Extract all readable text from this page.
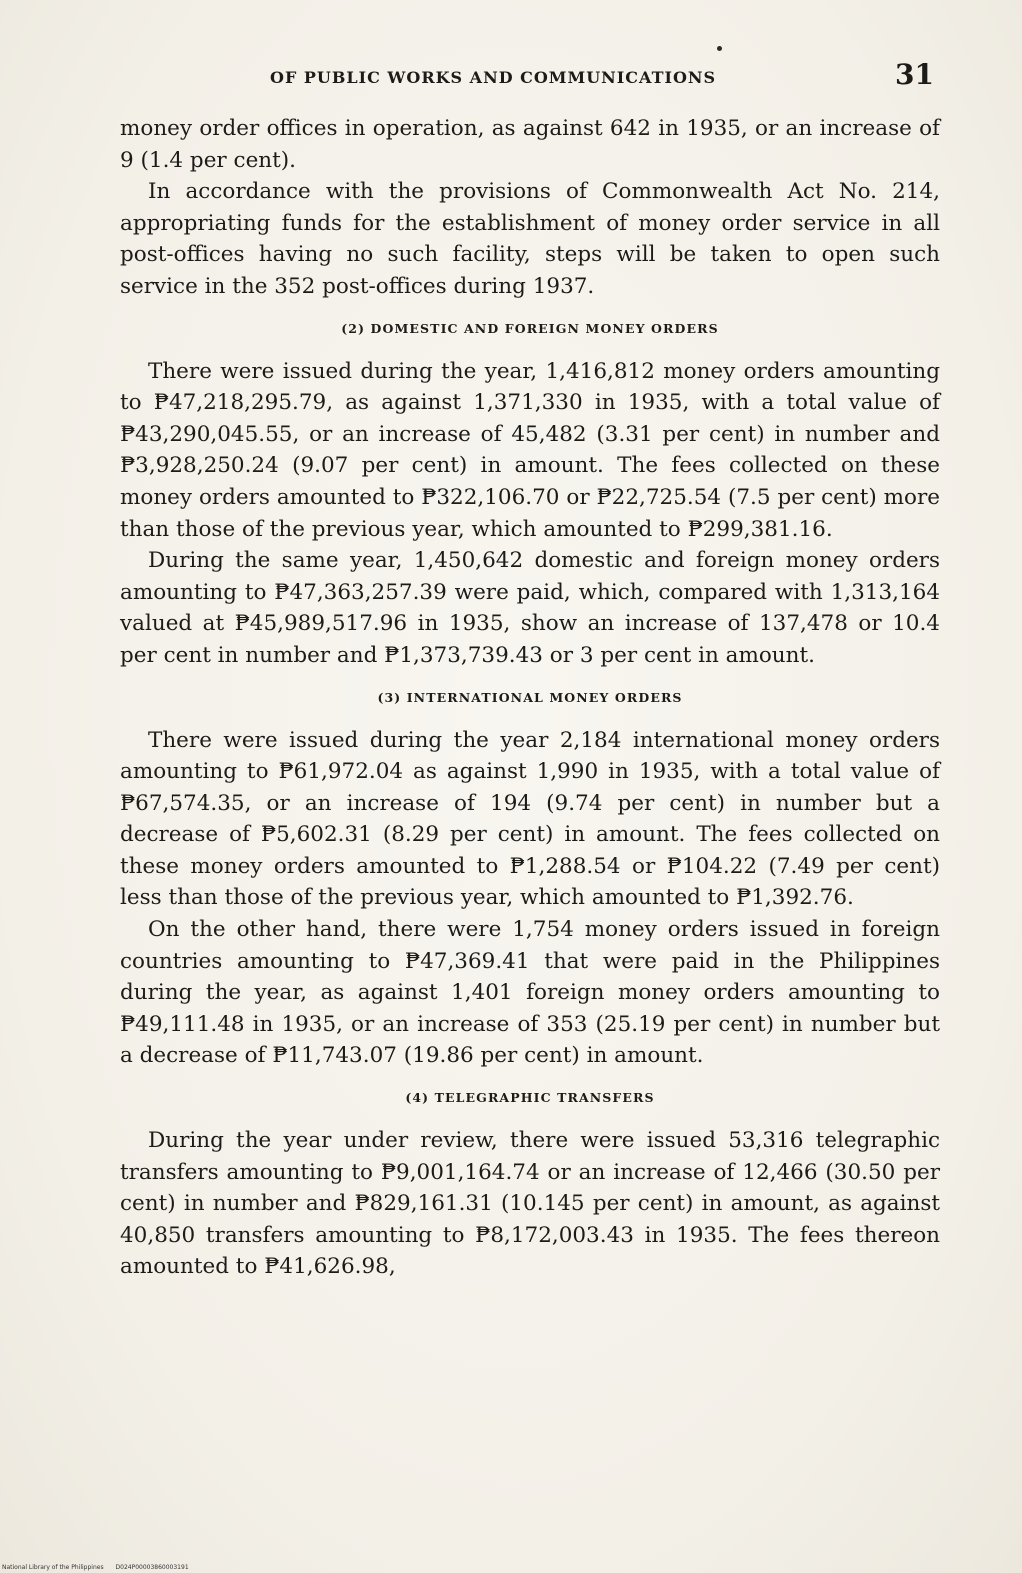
OF PUBLIC WORKS AND COMMUNICATIONS	31

money order offices in operation, as against 642 in 1935, or an increase of 9 (1.4 per cent).

In accordance with the provisions of Commonwealth Act No. 214, appropriating funds for the establishment of money order service in all post-offices having no such facility, steps will be taken to open such service in the 352 post-offices during 1937.

(2) DOMESTIC AND FOREIGN MONEY ORDERS

There were issued during the year, 1,416,812 money orders amounting to ₱47,218,295.79, as against 1,371,330 in 1935, with a total value of ₱43,290,045.55, or an increase of 45,482 (3.31 per cent) in number and ₱3,928,250.24 (9.07 per cent) in amount. The fees collected on these money orders amounted to ₱322,106.70 or ₱22,725.54 (7.5 per cent) more than those of the previous year, which amounted to ₱299,381.16.

During the same year, 1,450,642 domestic and foreign money orders amounting to ₱47,363,257.39 were paid, which, compared with 1,313,164 valued at ₱45,989,517.96 in 1935, show an increase of 137,478 or 10.4 per cent in number and ₱1,373,739.43 or 3 per cent in amount.

(3) INTERNATIONAL MONEY ORDERS

There were issued during the year 2,184 international money orders amounting to ₱61,972.04 as against 1,990 in 1935, with a total value of ₱67,574.35, or an increase of 194 (9.74 per cent) in number but a decrease of ₱5,602.31 (8.29 per cent) in amount. The fees collected on these money orders amounted to ₱1,288.54 or ₱104.22 (7.49 per cent) less than those of the previous year, which amounted to ₱1,392.76.

On the other hand, there were 1,754 money orders issued in foreign countries amounting to ₱47,369.41 that were paid in the Philippines during the year, as against 1,401 foreign money orders amounting to ₱49,111.48 in 1935, or an increase of 353 (25.19 per cent) in number but a decrease of ₱11,743.07 (19.86 per cent) in amount.

(4) TELEGRAPHIC TRANSFERS

During the year under review, there were issued 53,316 telegraphic transfers amounting to ₱9,001,164.74 or an increase of 12,466 (30.50 per cent) in number and ₱829,161.31 (10.145 per cent) in amount, as against 40,850 transfers amounting to ₱8,172,003.43 in 1935. The fees thereon amounted to ₱41,626.98,

National Library of the Philippines D024P00003860003191
